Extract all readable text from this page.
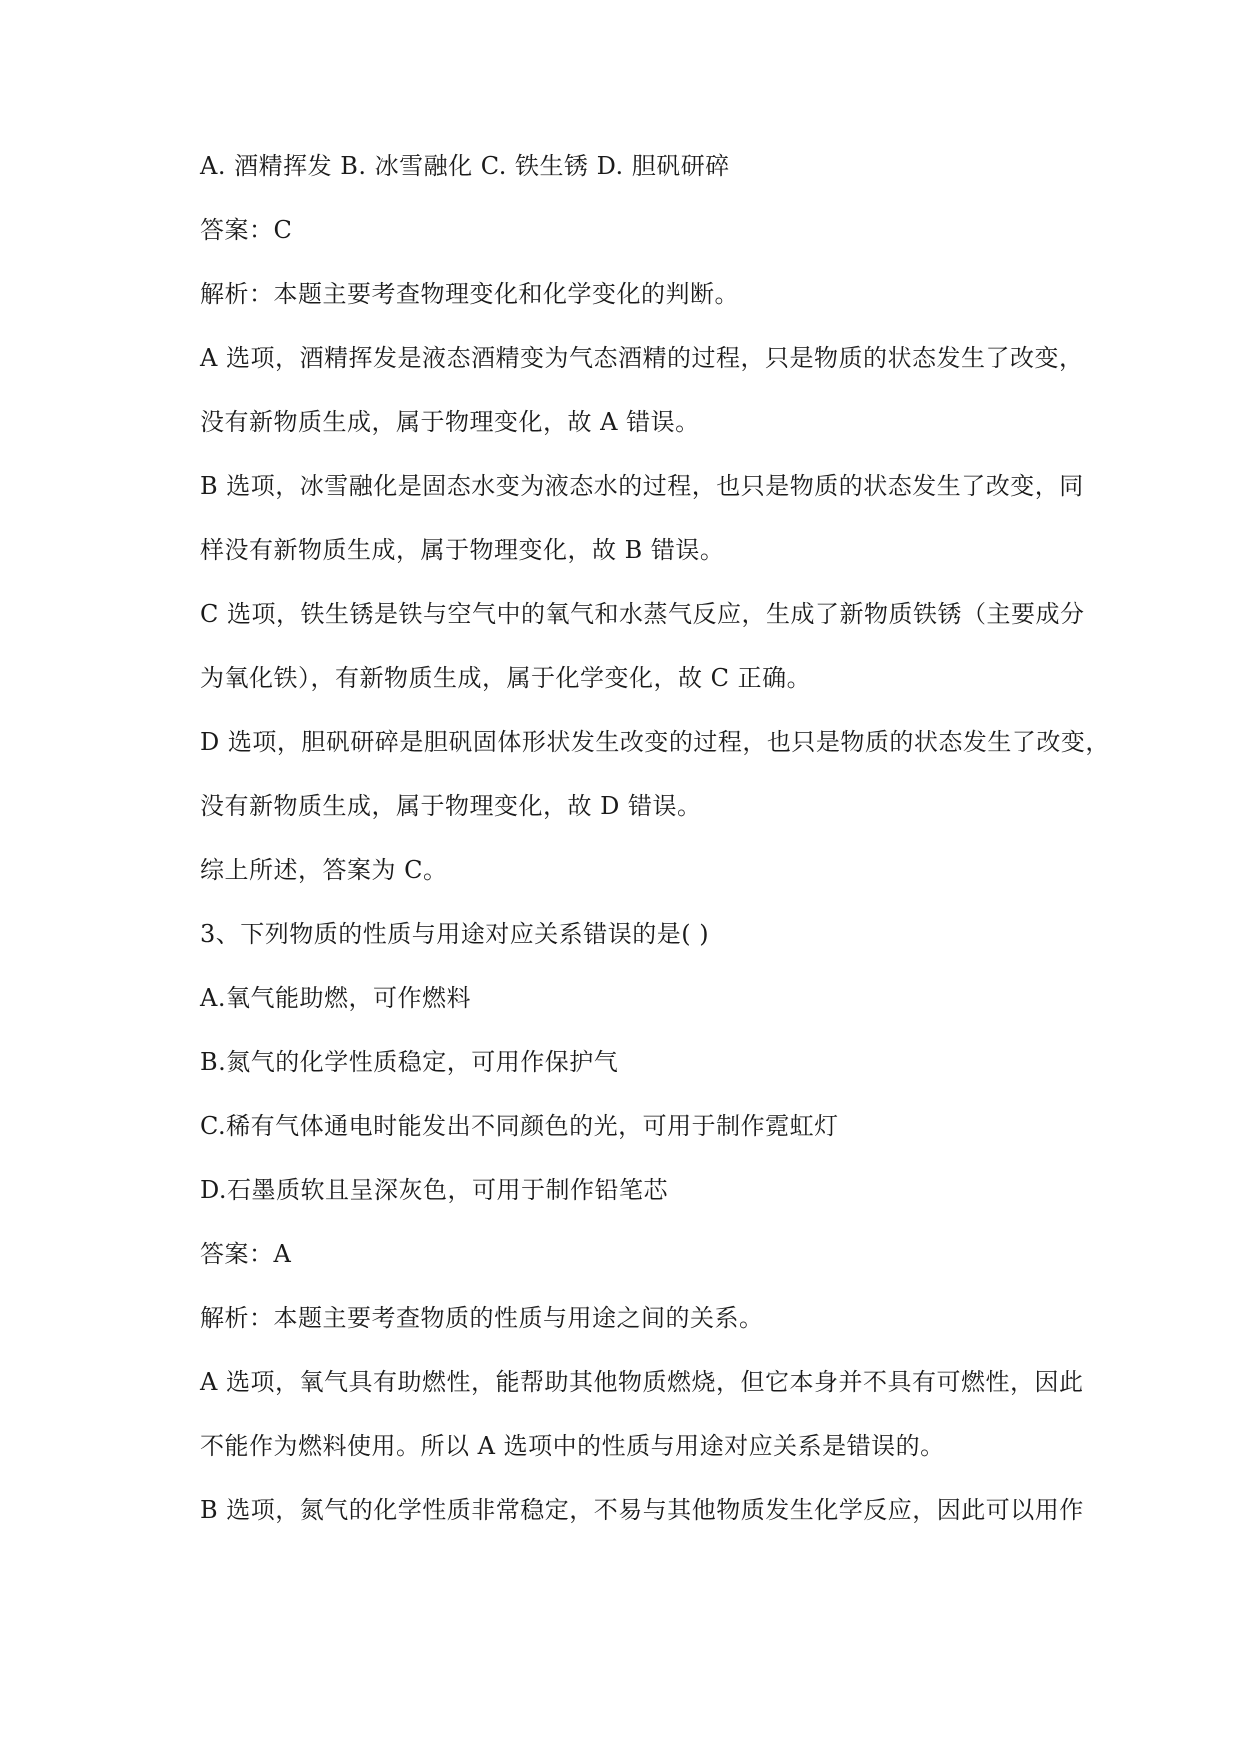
A. 酒精挥发 B. 冰雪融化 C. 铁生锈 D. 胆矾研碎
答案：C
解析：本题主要考查物理变化和化学变化的判断。
A 选项，酒精挥发是液态酒精变为气态酒精的过程，只是物质的状态发生了改变，
没有新物质生成，属于物理变化，故 A 错误。
B 选项，冰雪融化是固态水变为液态水的过程，也只是物质的状态发生了改变，同
样没有新物质生成，属于物理变化，故 B 错误。
C 选项，铁生锈是铁与空气中的氧气和水蒸气反应，生成了新物质铁锈（主要成分
为氧化铁），有新物质生成，属于化学变化，故 C 正确。
D 选项，胆矾研碎是胆矾固体形状发生改变的过程，也只是物质的状态发生了改变，
没有新物质生成，属于物理变化，故 D 错误。
综上所述，答案为 C。
3、下列物质的性质与用途对应关系错误的是( )
A.氧气能助燃，可作燃料
B.氮气的化学性质稳定，可用作保护气
C.稀有气体通电时能发出不同颜色的光，可用于制作霓虹灯
D.石墨质软且呈深灰色，可用于制作铅笔芯
答案：A
解析：本题主要考查物质的性质与用途之间的关系。
A 选项，氧气具有助燃性，能帮助其他物质燃烧，但它本身并不具有可燃性，因此
不能作为燃料使用。所以 A 选项中的性质与用途对应关系是错误的。
B 选项，氮气的化学性质非常稳定，不易与其他物质发生化学反应，因此可以用作
